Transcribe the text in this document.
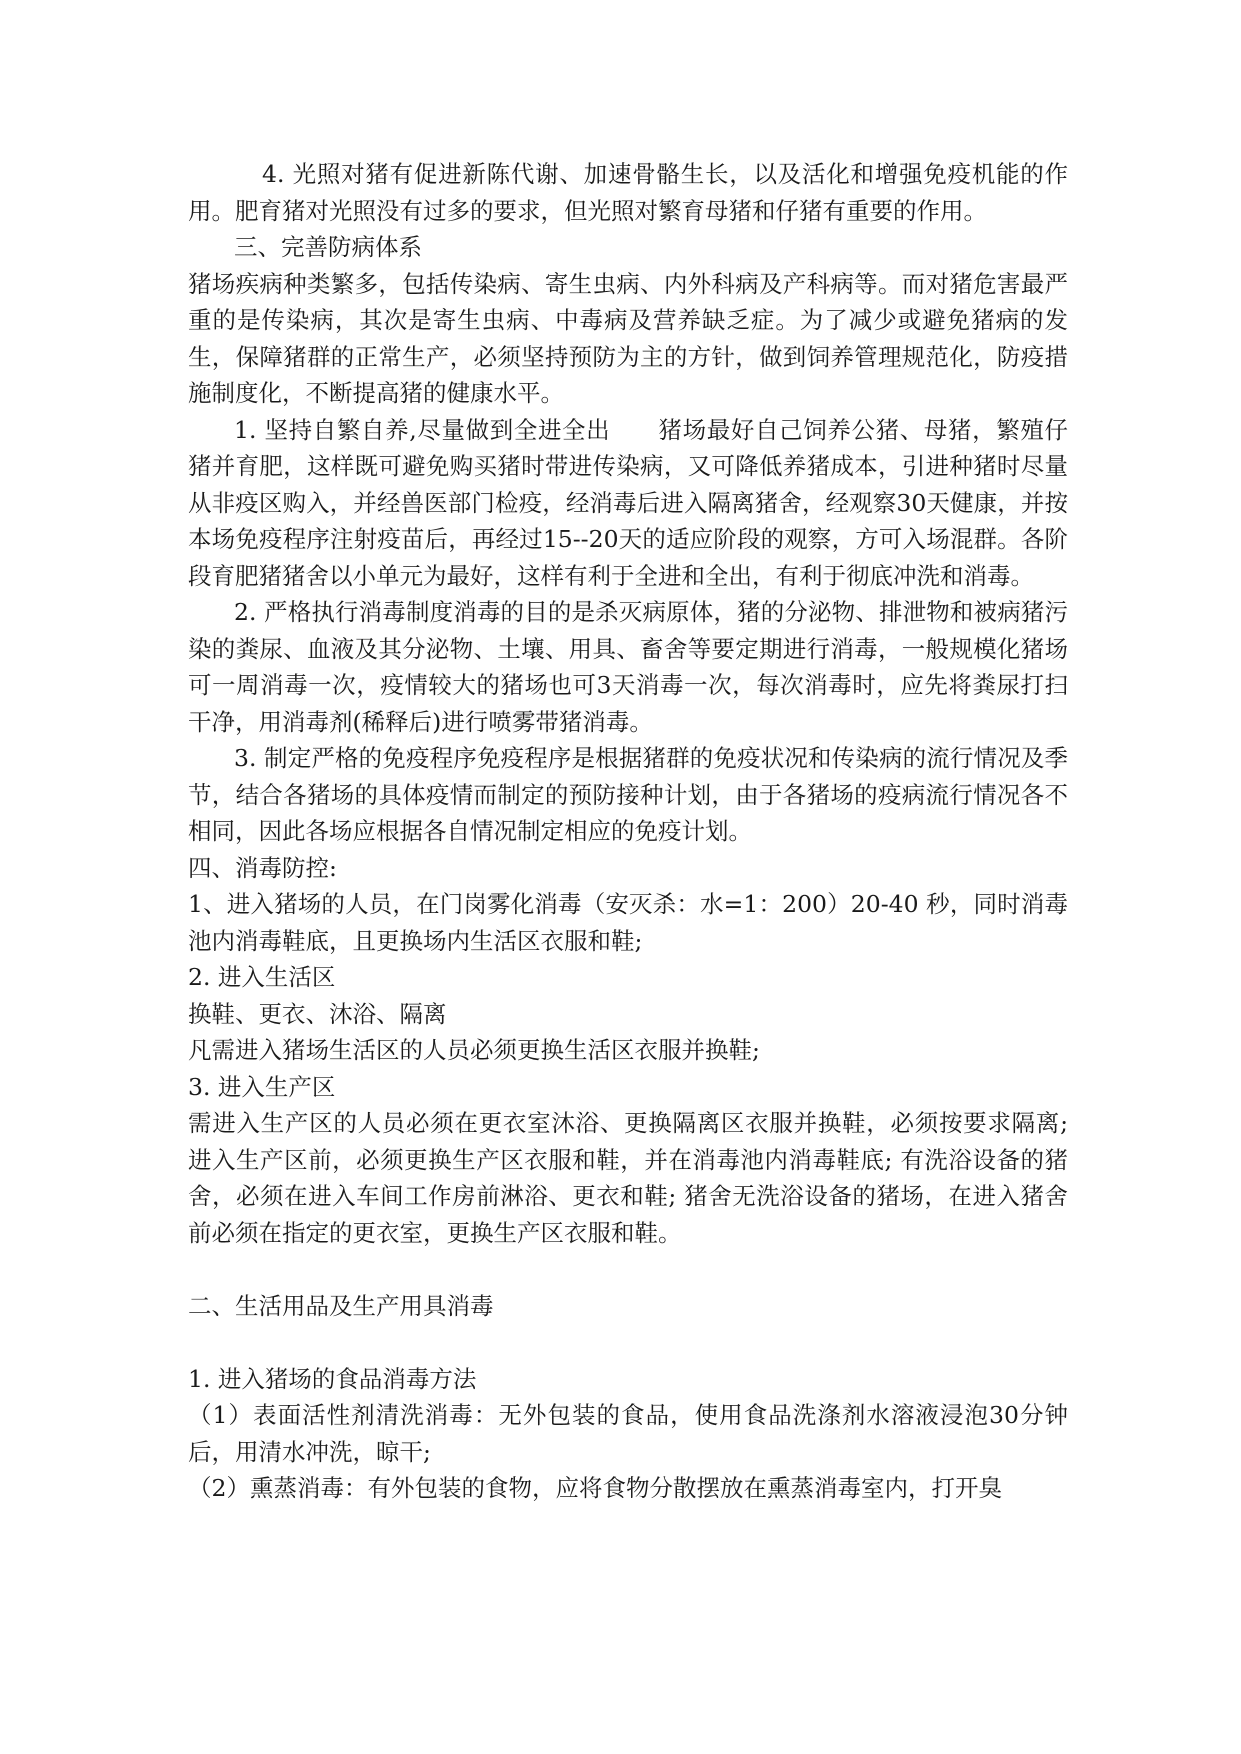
4. 光照对猪有促进新陈代谢、加速骨骼生长，以及活化和增强免疫机能的作用。肥育猪对光照没有过多的要求，但光照对繁育母猪和仔猪有重要的作用。

三、完善防病体系

猪场疾病种类繁多，包括传染病、寄生虫病、内外科病及产科病等。而对猪危害最严重的是传染病，其次是寄生虫病、中毒病及营养缺乏症。为了减少或避免猪病的发生，保障猪群的正常生产，必须坚持预防为主的方针，做到饲养管理规范化，防疫措施制度化，不断提高猪的健康水平。

1. 坚持自繁自养,尽量做到全进全出　　猪场最好自己饲养公猪、母猪，繁殖仔猪并育肥，这样既可避免购买猪时带进传染病，又可降低养猪成本，引进种猪时尽量从非疫区购入，并经兽医部门检疫，经消毒后进入隔离猪舍，经观察30天健康，并按本场免疫程序注射疫苗后，再经过15--20天的适应阶段的观察，方可入场混群。各阶段育肥猪猪舍以小单元为最好，这样有利于全进和全出，有利于彻底冲洗和消毒。

2. 严格执行消毒制度消毒的目的是杀灭病原体，猪的分泌物、排泄物和被病猪污染的粪尿、血液及其分泌物、土壤、用具、畜舍等要定期进行消毒，一般规模化猪场可一周消毒一次，疫情较大的猪场也可3天消毒一次，每次消毒时，应先将粪尿打扫干净，用消毒剂(稀释后)进行喷雾带猪消毒。

3. 制定严格的免疫程序免疫程序是根据猪群的免疫状况和传染病的流行情况及季节，结合各猪场的具体疫情而制定的预防接种计划，由于各猪场的疫病流行情况各不相同，因此各场应根据各自情况制定相应的免疫计划。

四、消毒防控:

1、进入猪场的人员，在门岗雾化消毒（安灭杀：水=1：200）20-40 秒，同时消毒池内消毒鞋底，且更换场内生活区衣服和鞋;

2. 进入生活区

换鞋、更衣、沐浴、隔离

凡需进入猪场生活区的人员必须更换生活区衣服并换鞋;

3. 进入生产区

需进入生产区的人员必须在更衣室沐浴、更换隔离区衣服并换鞋，必须按要求隔离; 进入生产区前，必须更换生产区衣服和鞋，并在消毒池内消毒鞋底; 有洗浴设备的猪舍，必须在进入车间工作房前淋浴、更衣和鞋; 猪舍无洗浴设备的猪场，在进入猪舍前必须在指定的更衣室，更换生产区衣服和鞋。

二、生活用品及生产用具消毒

1. 进入猪场的食品消毒方法

（1）表面活性剂清洗消毒：无外包装的食品，使用食品洗涤剂水溶液浸泡30分钟后，用清水冲洗，晾干;

（2）熏蒸消毒：有外包装的食物，应将食物分散摆放在熏蒸消毒室内，打开臭
